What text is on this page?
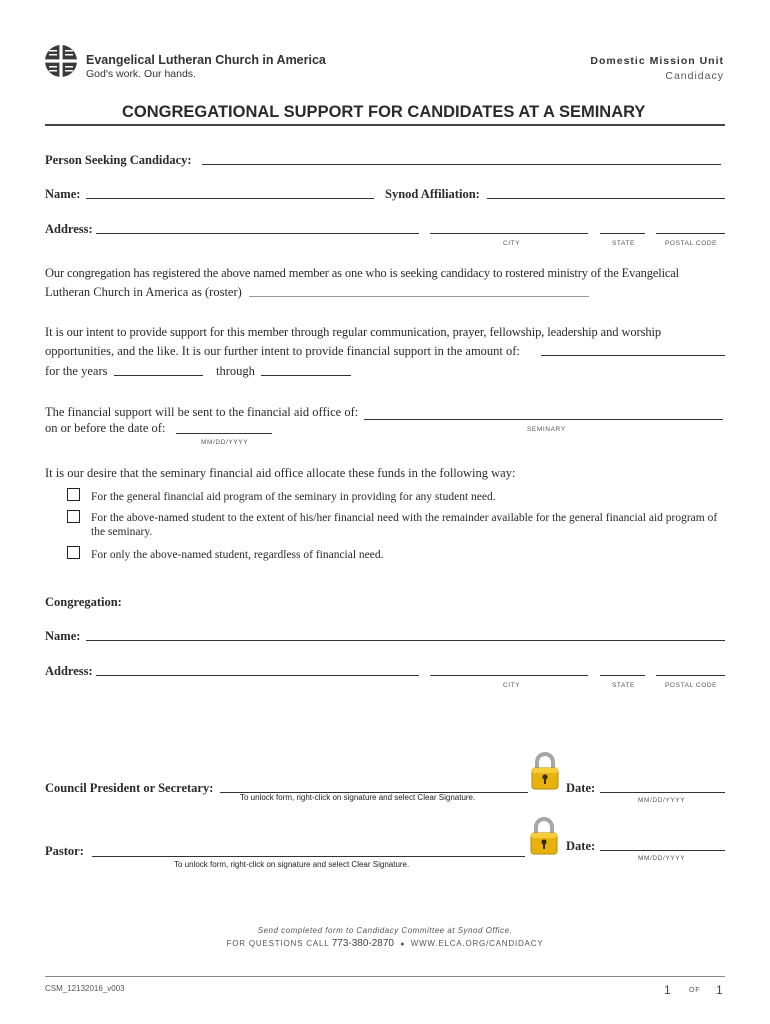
Evangelical Lutheran Church in America
God's work. Our hands.
Domestic Mission Unit
Candidacy
CONGREGATIONAL SUPPORT FOR CANDIDATES AT A SEMINARY
Person Seeking Candidacy:
Name:	Synod Affiliation:
Address:
CITY	STATE	POSTAL CODE
Our congregation has registered the above named member as one who is seeking candidacy to rostered ministry of the Evangelical
Lutheran Church in America as (roster)
It is our intent to provide support for this member through regular communication, prayer, fellowship, leadership and worship
opportunities, and the like. It is our further intent to provide financial support in the amount of:
for the years	through
The financial support will be sent to the financial aid office of:
SEMINARY
on or before the date of:
MM/DD/YYYY
It is our desire that the seminary financial aid office allocate these funds in the following way:
For the general financial aid program of the seminary in providing for any student need.
For the above-named student to the extent of his/her financial need with the remainder available for the general financial aid program of the seminary.
For only the above-named student, regardless of financial need.
Congregation:
Name:
Address:
CITY	STATE	POSTAL CODE
Council President or Secretary:
To unlock form, right-click on signature and select Clear Signature.
Date:
MM/DD/YYYY
Pastor:
To unlock form, right-click on signature and select Clear Signature.
Date:
MM/DD/YYYY
Send completed form to Candidacy Committee at Synod Office.
FOR QUESTIONS CALL 773-380-2870 ● WWW.ELCA.ORG/CANDIDACY
CSM_12132016_v003	1	OF 1
